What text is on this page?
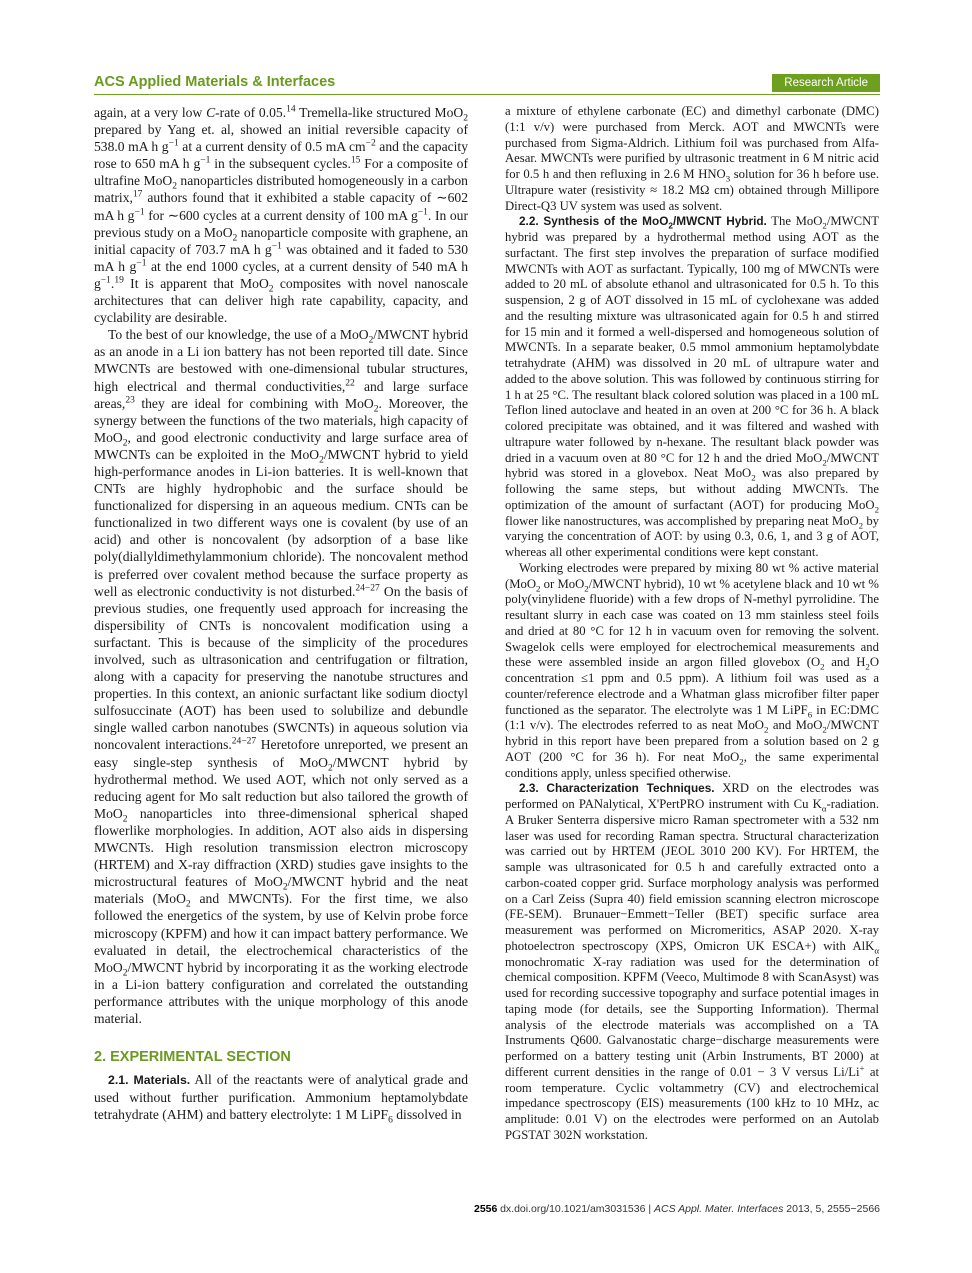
ACS Applied Materials & Interfaces	Research Article

again, at a very low C-rate of 0.05.14 Tremella-like structured MoO$_2$ prepared by Yang et. al, showed an initial reversible capacity of 538.0 mA h $g^{-1}$ at a current density of 0.5 mA $cm^{-2}$ and the capacity rose to 650 mA h $g^{-1}$ in the subsequent cycles.$^{15}$ For a composite of ultrafine MoO$_2$ nanoparticles distributed homogeneously in a carbon matrix,$^{17}$ authors found that it exhibited a stable capacity of ∼602 mA h $g^{-1}$ for ∼600 cycles at a current density of 100 mA $g^{-1}$. In our previous study on a MoO$_2$ nanoparticle composite with graphene, an initial capacity of 703.7 mA h $g^{-1}$ was obtained and it faded to 530 mA h $g^{-1}$ at the end 1000 cycles, at a current density of 540 mA h $g^{-1}.^{19}$ It is apparent that MoO$_2$ composites with novel nanoscale architectures that can deliver high rate capability, capacity, and cyclability are desirable.

To the best of our knowledge, the use of a MoO$_2$/MWCNT hybrid as an anode in a Li ion battery has not been reported till date. Since MWCNTs are bestowed with one-dimensional tubular structures, high electrical and thermal conductivities,$^{22}$ and large surface areas,$^{23}$ they are ideal for combining with MoO$_2$. Moreover, the synergy between the functions of the two materials, high capacity of MoO$_2$, and good electronic conductivity and large surface area of MWCNTs can be exploited in the MoO$_2$/MWCNT hybrid to yield high-performance anodes in Li-ion batteries. It is well-known that CNTs are highly hydrophobic and the surface should be functionalized for dispersing in an aqueous medium. CNTs can be functionalized in two different ways one is covalent (by use of an acid) and other is noncovalent (by adsorption of a base like poly(diallyldimethylammonium chloride). The noncovalent method is preferred over covalent method because the surface property as well as electronic conductivity is not disturbed.$^{24-27}$ On the basis of previous studies, one frequently used approach for increasing the dispersibility of CNTs is noncovalent modification using a surfactant. This is because of the simplicity of the procedures involved, such as ultrasonication and centrifugation or filtration, along with a capacity for preserving the nanotube structures and properties. In this context, an anionic surfactant like sodium dioctyl sulfosuccinate (AOT) has been used to solubilize and debundle single walled carbon nanotubes (SWCNTs) in aqueous solution via noncovalent interactions.$^{24-27}$ Heretofore unreported, we present an easy single-step synthesis of MoO$_2$/MWCNT hybrid by hydrothermal method. We used AOT, which not only served as a reducing agent for Mo salt reduction but also tailored the growth of MoO$_2$ nanoparticles into three-dimensional spherical shaped flowerlike morphologies. In addition, AOT also aids in dispersing MWCNTs. High resolution transmission electron microscopy (HRTEM) and X-ray diffraction (XRD) studies gave insights to the microstructural features of MoO$_2$/MWCNT hybrid and the neat materials (MoO$_2$ and MWCNTs). For the first time, we also followed the energetics of the system, by use of Kelvin probe force microscopy (KPFM) and how it can impact battery performance. We evaluated in detail, the electrochemical characteristics of the MoO$_2$/MWCNT hybrid by incorporating it as the working electrode in a Li-ion battery configuration and correlated the outstanding performance attributes with the unique morphology of this anode material.

2. EXPERIMENTAL SECTION

2.1. Materials. All of the reactants were of analytical grade and used without further purification. Ammonium heptamolybdate tetrahydrate (AHM) and battery electrolyte: 1 M LiPF$_6$ dissolved in

a mixture of ethylene carbonate (EC) and dimethyl carbonate (DMC) (1:1 v/v) were purchased from Merck. AOT and MWCNTs were purchased from Sigma-Aldrich. Lithium foil was purchased from Alfa-Aesar. MWCNTs were purified by ultrasonic treatment in 6 M nitric acid for 0.5 h and then refluxing in 2.6 M $HNO_3$ solution for 36 h before use. Ultrapure water (resistivity ≈ 18.2 MΩ cm) obtained through Millipore Direct-Q3 UV system was used as solvent.

2.2. Synthesis of the MoO$_2$/MWCNT Hybrid. The MoO$_2$/MWCNT hybrid was prepared by a hydrothermal method using AOT as the surfactant. The first step involves the preparation of surface modified MWCNTs with AOT as surfactant. Typically, 100 mg of MWCNTs were added to 20 mL of absolute ethanol and ultrasonicated for 0.5 h. To this suspension, 2 g of AOT dissolved in 15 mL of cyclohexane was added and the resulting mixture was ultrasonicated again for 0.5 h and stirred for 15 min and it formed a well-dispersed and homogeneous solution of MWCNTs. In a separate beaker, 0.5 mmol ammonium heptamolybdate tetrahydrate (AHM) was dissolved in 20 mL of ultrapure water and added to the above solution. This was followed by continuous stirring for 1 h at 25 °C. The resultant black colored solution was placed in a 100 mL Teflon lined autoclave and heated in an oven at 200 °C for 36 h. A black colored precipitate was obtained, and it was filtered and washed with ultrapure water followed by n-hexane. The resultant black powder was dried in a vacuum oven at 80 °C for 12 h and the dried MoO$_2$/MWCNT hybrid was stored in a glovebox. Neat MoO$_2$ was also prepared by following the same steps, but without adding MWCNTs. The optimization of the amount of surfactant (AOT) for producing MoO$_2$ flower like nanostructures, was accomplished by preparing neat MoO$_2$ by varying the concentration of AOT: by using 0.3, 0.6, 1, and 3 g of AOT, whereas all other experimental conditions were kept constant.

Working electrodes were prepared by mixing 80 wt % active material (MoO$_2$ or MoO$_2$/MWCNT hybrid), 10 wt % acetylene black and 10 wt % poly(vinylidene fluoride) with a few drops of N-methyl pyrrolidine. The resultant slurry in each case was coated on 13 mm stainless steel foils and dried at 80 °C for 12 h in vacuum oven for removing the solvent. Swagelok cells were employed for electrochemical measurements and these were assembled inside an argon filled glovebox ($O_2$ and $H_2O$ concentration ≤1 ppm and 0.5 ppm). A lithium foil was used as a counter/reference electrode and a Whatman glass microfiber filter paper functioned as the separator. The electrolyte was 1 M LiPF$_6$ in EC:DMC (1:1 v/v). The electrodes referred to as neat MoO$_2$ and MoO$_2$/MWCNT hybrid in this report have been prepared from a solution based on 2 g AOT (200 °C for 36 h). For neat MoO$_2$, the same experimental conditions apply, unless specified otherwise.

2.3. Characterization Techniques. XRD on the electrodes was performed on PANalytical, X'PertPRO instrument with Cu $K_\alpha$-radiation. A Bruker Senterra dispersive micro Raman spectrometer with a 532 nm laser was used for recording Raman spectra. Structural characterization was carried out by HRTEM (JEOL 3010 200 KV). For HRTEM, the sample was ultrasonicated for 0.5 h and carefully extracted onto a carbon-coated copper grid. Surface morphology analysis was performed on a Carl Zeiss (Supra 40) field emission scanning electron microscope (FE-SEM). Brunauer−Emmett−Teller (BET) specific surface area measurement was performed on Micromeritics, ASAP 2020. X-ray photoelectron spectroscopy (XPS, Omicron UK ESCA+) with AlK$_\alpha$ monochromatic X-ray radiation was used for the determination of chemical composition. KPFM (Veeco, Multimode 8 with ScanAsyst) was used for recording successive topography and surface potential images in taping mode (for details, see the Supporting Information). Thermal analysis of the electrode materials was accomplished on a TA Instruments Q600. Galvanostatic charge−discharge measurements were performed on a battery testing unit (Arbin Instruments, BT 2000) at different current densities in the range of 0.01 − 3 V versus Li/Li+ at room temperature. Cyclic voltammetry (CV) and electrochemical impedance spectroscopy (EIS) measurements (100 kHz to 10 MHz, ac amplitude: 0.01 V) on the electrodes were performed on an Autolab PGSTAT 302N workstation.

2556 dx.doi.org/10.1021/am3031536 | ACS Appl. Mater. Interfaces 2013, 5, 2555−2566
